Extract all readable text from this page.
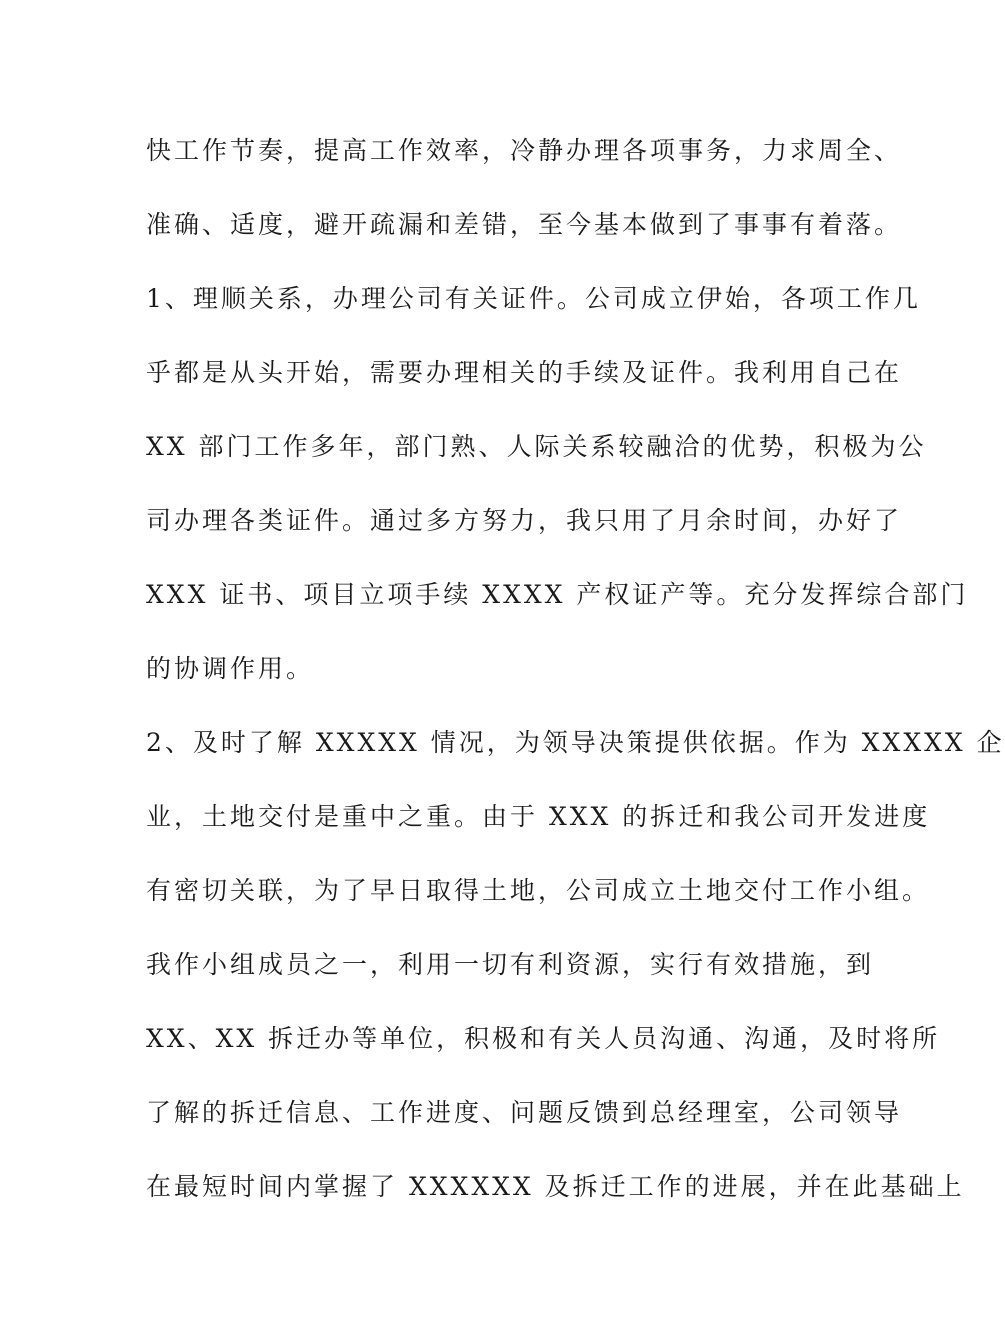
快工作节奏，提高工作效率，冷静办理各项事务，力求周全、
准确、适度，避开疏漏和差错，至今基本做到了事事有着落。
1、理顺关系，办理公司有关证件。公司成立伊始，各项工作几
乎都是从头开始，需要办理相关的手续及证件。我利用自己在
XX 部门工作多年，部门熟、人际关系较融洽的优势，积极为公
司办理各类证件。通过多方努力，我只用了月余时间，办好了
XXX 证书、项目立项手续 XXXX 产权证产等。充分发挥综合部门
的协调作用。
2、及时了解 XXXXX 情况，为领导决策提供依据。作为 XXXXX 企
业，土地交付是重中之重。由于 XXX 的拆迁和我公司开发进度
有密切关联，为了早日取得土地，公司成立土地交付工作小组。
我作小组成员之一，利用一切有利资源，实行有效措施，到
XX、XX 拆迁办等单位，积极和有关人员沟通、沟通，及时将所
了解的拆迁信息、工作进度、问题反馈到总经理室，公司领导
在最短时间内掌握了 XXXXXX 及拆迁工作的进展，并在此基础上
